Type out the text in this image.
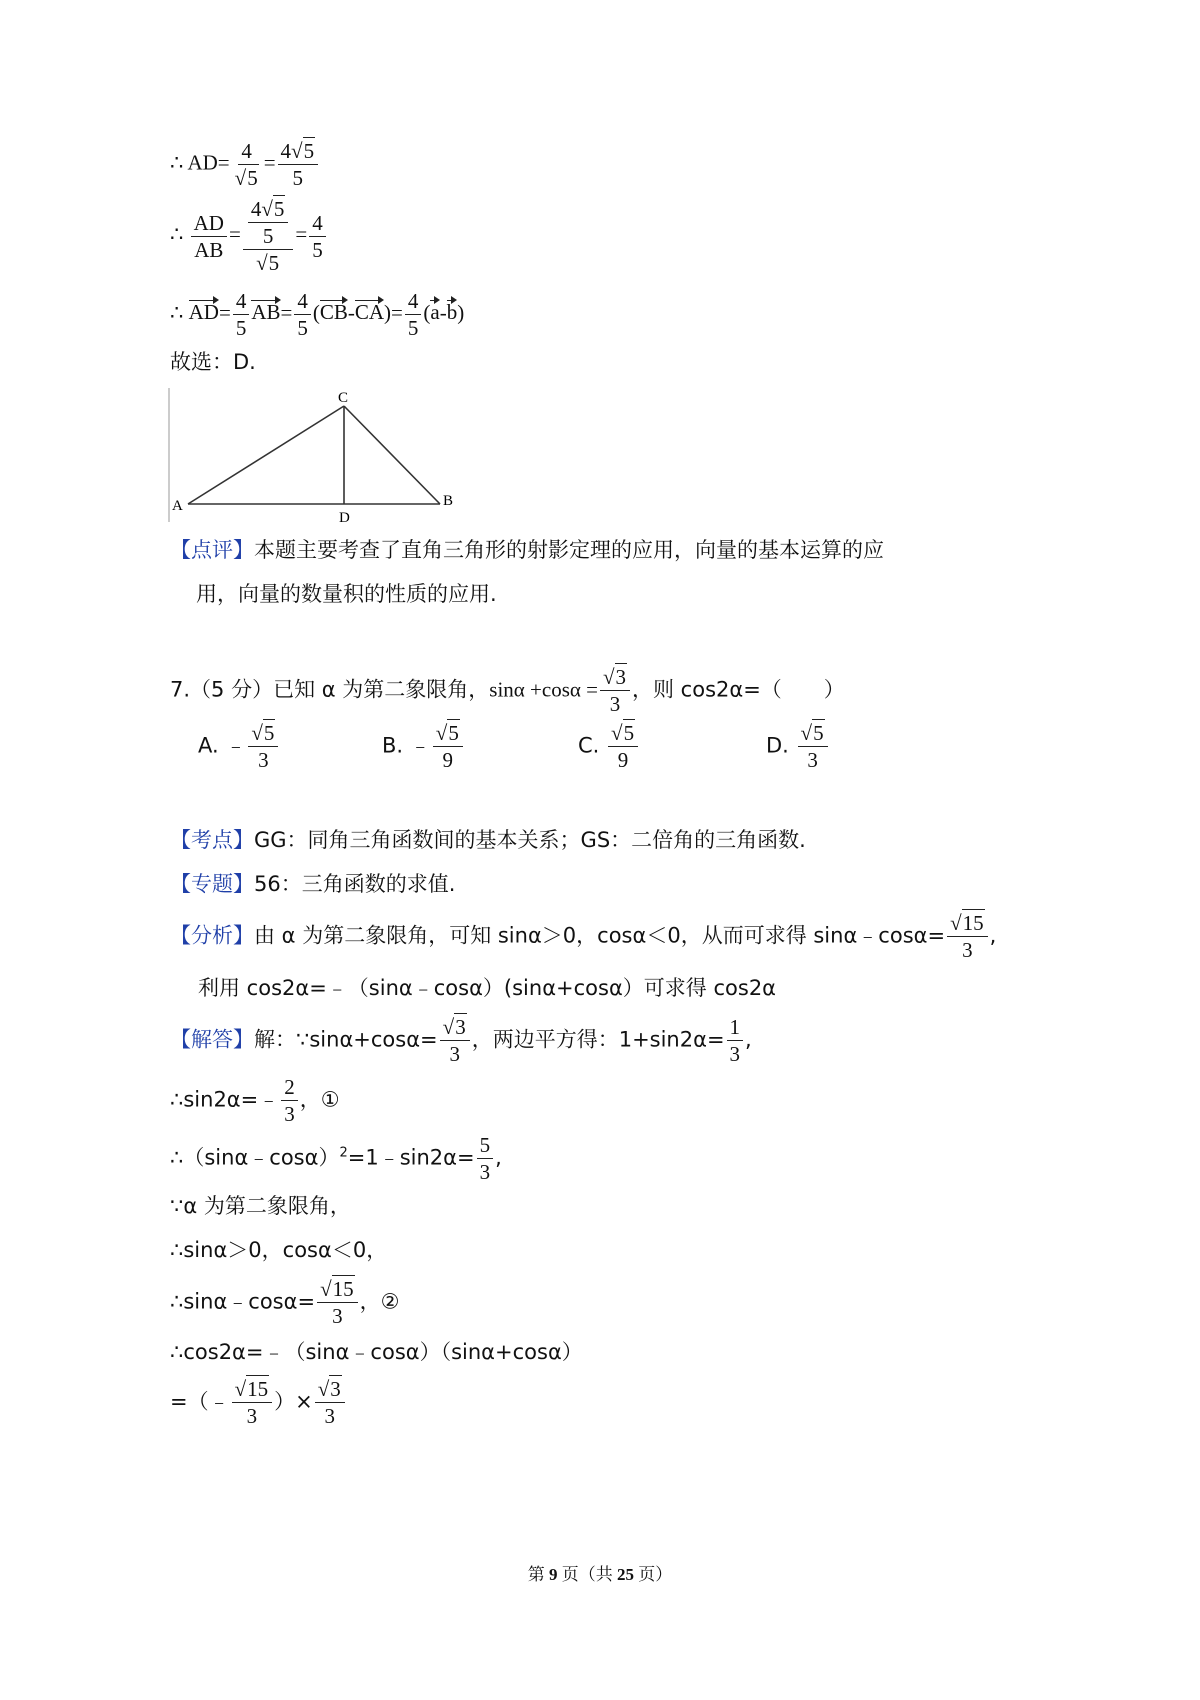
∴ $AD= \frac{4}{√5} = \frac{4√5}{5}$
∴ $\frac{AD}{AB} = \frac{\frac{4√5}{5}}{√5} = \frac{4}{5}$
∴ $AD= \frac{4}{5} AB= \frac{4}{5} (CB-CA)= \frac{4}{5} (a-b)$
故选：D.
A	B
C
D
【点评】本题主要考查了直角三角形的射影定理的应用，向量的基本运算的应
用，向量的数量积的性质的应用.
7.（5 分）已知 α 为第二象限角，$\sin\alpha +\cos\alpha = \frac{√3}{3}$ ，则 cos2α=（　　）
A. ﹣ $\frac{√5}{3}$	B. ﹣ $\frac{√5}{9}$	C. $\frac{√5}{9}$	D. $\frac{√5}{3}$
【考点】GG：同角三角函数间的基本关系；GS：二倍角的三角函数.
【专题】56：三角函数的求值.
【分析】由 α 为第二象限角，可知 sinα＞0，cosα＜0，从而可求得 sinα﹣cosα= $\frac{√15}{3}$ ,
利用 cos2α=﹣（sinα﹣cosα）(sinα+cosα）可求得 cos2α
【解答】解：∵sinα+cosα= $\frac{√3}{3}$ ，两边平方得：$1+\sin 2\alpha= \frac{1}{3}$ ,
∴sin2α=﹣ $\frac{2}{3}$ ，①
∴（sinα﹣cosα）$^2$=1﹣sin2α= $\frac{5}{3}$ ,
∵α 为第二象限角，
∴sinα＞0，cosα＜0，
∴sinα﹣cosα= $\frac{√15}{3}$ ，②
∴cos2α=﹣（sinα﹣cosα）（sinα+cosα）
=（﹣ $\frac{√15}{3}$ ）× $\frac{√3}{3}$
第 9 页（共 25 页）
